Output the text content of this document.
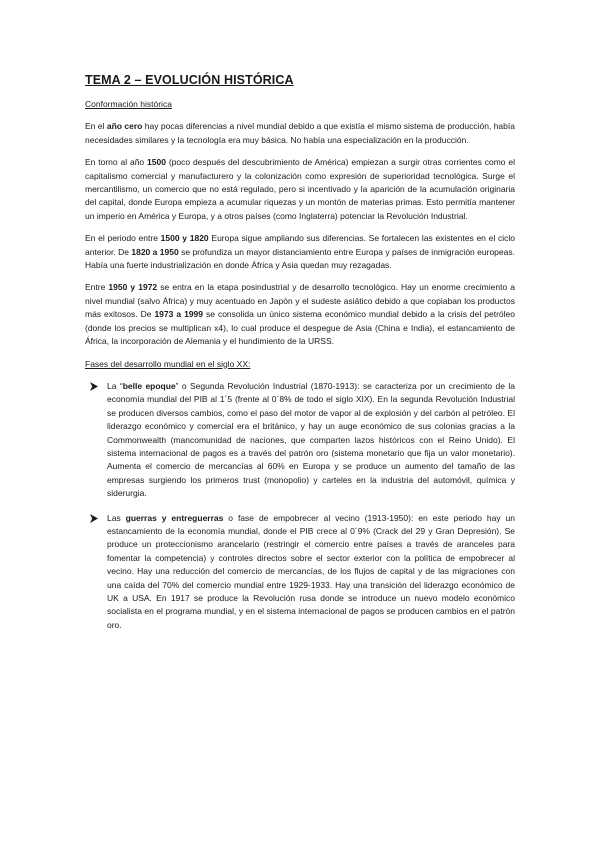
TEMA 2 – EVOLUCIÓN HISTÓRICA
Conformación histórica

En el año cero hay pocas diferencias a nivel mundial debido a que existía el mismo sistema de producción, había necesidades similares y la tecnología era muy básica. No había una especialización en la producción.

En torno al año 1500 (poco después del descubrimiento de América) empiezan a surgir otras corrientes como el capitalismo comercial y manufacturero y la colonización como expresión de superioridad tecnológica. Surge el mercantilismo, un comercio que no está regulado, pero si incentivado y la aparición de la acumulación originaria del capital, donde Europa empieza a acumular riquezas y un montón de materias primas. Esto permitía mantener un imperio en América y Europa, y a otros países (como Inglaterra) potenciar la Revolución Industrial.

En el periodo entre 1500 y 1820 Europa sigue ampliando sus diferencias. Se fortalecen las existentes en el ciclo anterior. De 1820 a 1950 se profundiza un mayor distanciamiento entre Europa y países de inmigración europeas. Había una fuerte industrialización en donde África y Asia quedan muy rezagadas.

Entre 1950 y 1972 se entra en la etapa posindustrial y de desarrollo tecnológico. Hay un enorme crecimiento a nivel mundial (salvo África) y muy acentuado en Japón y el sudeste asiático debido a que copiaban los productos más exitosos. De 1973 a 1999 se consolida un único sistema económico mundial debido a la crisis del petróleo (donde los precios se multiplican x4), lo cual produce el despegue de Asia (China e India), el estancamiento de África, la incorporación de Alemania y el hundimiento de la URSS.

Fases del desarrollo mundial en el siglo XX:
La “belle epoque” o Segunda Revolución Industrial (1870-1913): se caracteriza por un crecimiento de la economía mundial del PIB al 1´5 (frente al 0´8% de todo el siglo XIX). En la segunda Revolución Industrial se producen diversos cambios, como el paso del motor de vapor al de explosión y del carbón al petróleo. El liderazgo económico y comercial era el británico, y hay un auge económico de sus colonias gracias a la Commonwealth (mancomunidad de naciones, que comparten lazos históricos con el Reino Unido). El sistema internacional de pagos es a través del patrón oro (sistema monetario que fija un valor monetario). Aumenta el comercio de mercancías al 60% en Europa y se produce un aumento del tamaño de las empresas surgiendo los primeros trust (monopolio) y carteles en la industria del automóvil, química y siderurgia.
Las guerras y entreguerras o fase de empobrecer al vecino (1913-1950): en este periodo hay un estancamiento de la economía mundial, donde el PIB crece al 0´9% (Crack del 29 y Gran Depresión). Se produce un proteccionismo arancelario (restringir el comercio entre países a través de aranceles para fomentar la competencia) y controles directos sobre el sector exterior con la política de empobrecer al vecino. Hay una reducción del comercio de mercancías, de los flujos de capital y de las migraciones con una caída del 70% del comercio mundial entre 1929-1933. Hay una transición del liderazgo económico de UK a USA. En 1917 se produce la Revolución rusa donde se introduce un nuevo modelo económico socialista en el programa mundial, y en el sistema internacional de pagos se producen cambios en el patrón oro.
